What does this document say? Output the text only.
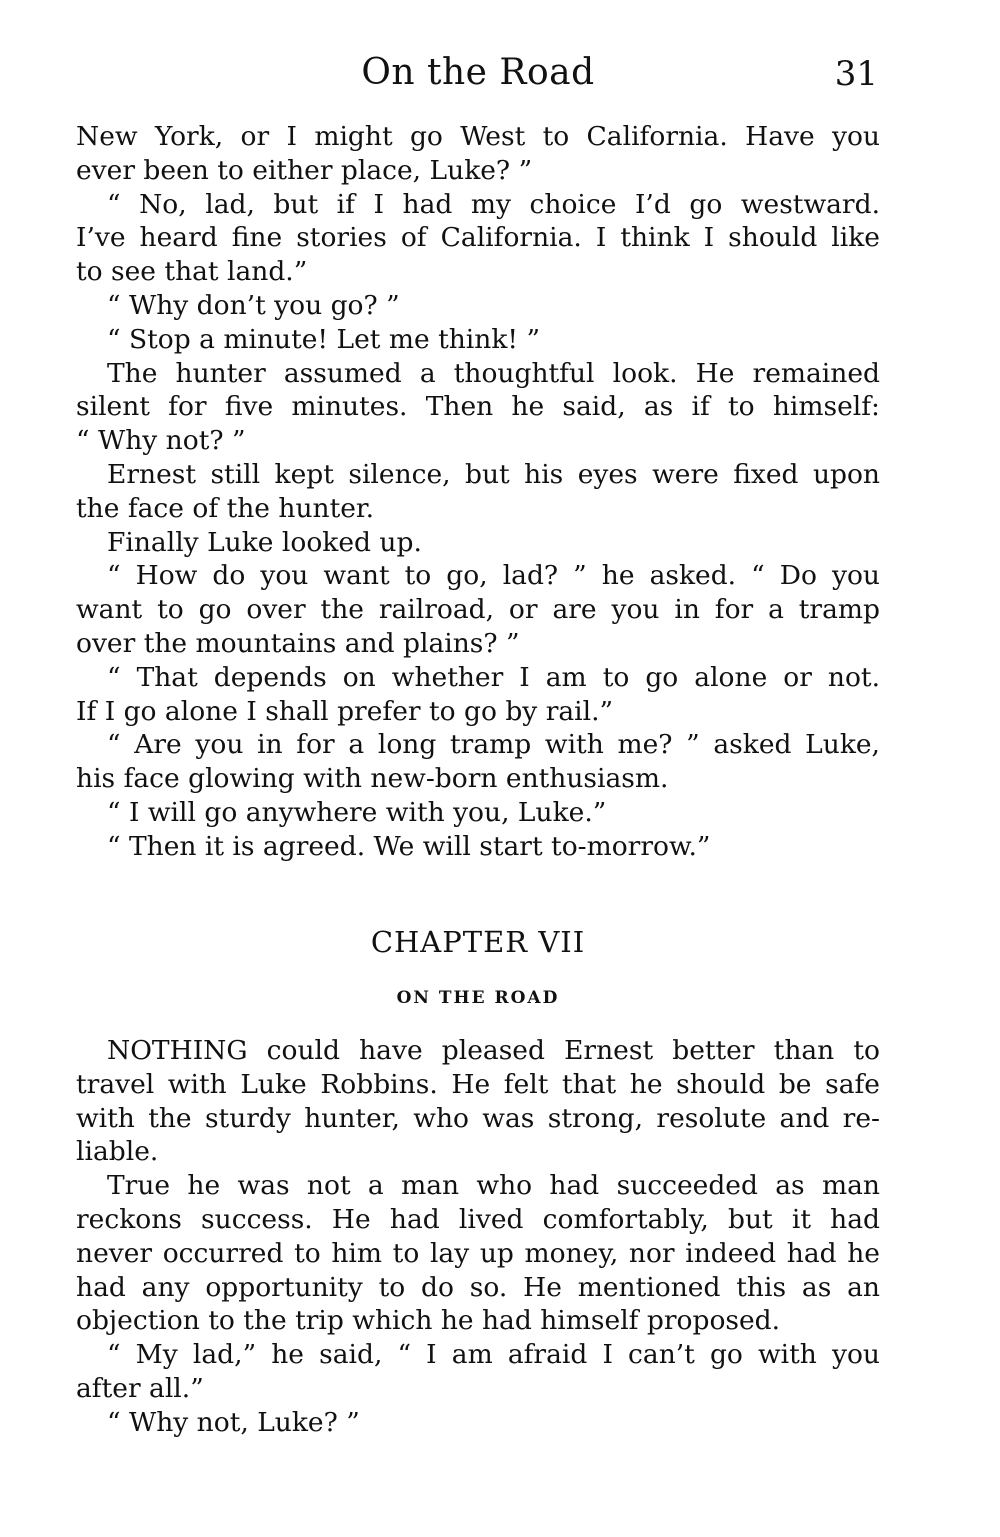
On the Road	31
New York, or I might go West to California. Have you
ever been to either place, Luke? ”
“ No, lad, but if I had my choice I’d go westward.
I’ve heard fine stories of California. I think I should like
to see that land.”
“ Why don’t you go? ”
“ Stop a minute! Let me think! ”
The hunter assumed a thoughtful look. He remained
silent for five minutes. Then he said, as if to himself:
“ Why not? ”
Ernest still kept silence, but his eyes were fixed upon
the face of the hunter.
Finally Luke looked up.
“ How do you want to go, lad? ” he asked. “ Do you
want to go over the railroad, or are you in for a tramp
over the mountains and plains? ”
“ That depends on whether I am to go alone or not.
If I go alone I shall prefer to go by rail.”
“ Are you in for a long tramp with me? ” asked Luke,
his face glowing with new-born enthusiasm.
“ I will go anywhere with you, Luke.”
“ Then it is agreed. We will start to-morrow.”
CHAPTER VII
ON THE ROAD
NOTHING could have pleased Ernest better than to
travel with Luke Robbins. He felt that he should be safe
with the sturdy hunter, who was strong, resolute and re-
liable.
True he was not a man who had succeeded as man
reckons success. He had lived comfortably, but it had
never occurred to him to lay up money, nor indeed had he
had any opportunity to do so. He mentioned this as an
objection to the trip which he had himself proposed.
“ My lad,” he said, “ I am afraid I can’t go with you
after all.”
“ Why not, Luke? ”
